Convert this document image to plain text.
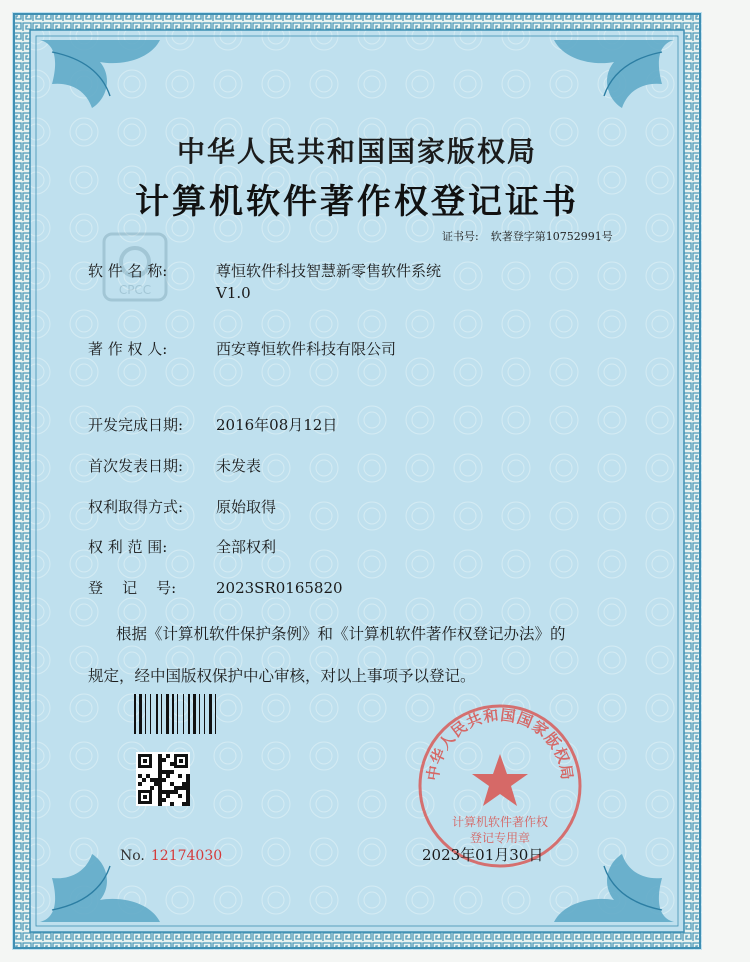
CPCC
中华人民共和国国家版权局
计算机软件著作权登记证书
证书号: 软著登字第10752991号
软 件 名 称:	尊恒软件科技智慧新零售软件系统
V1.0
著 作 权 人:	西安尊恒软件科技有限公司
开发完成日期:	2016年08月12日
首次发表日期:	未发表
权利取得方式:	原始取得
权 利 范 围:	全部权利
登    记    号:	2023SR0165820
根据《计算机软件保护条例》和《计算机软件著作权登记办法》的
规定，经中国版权保护中心审核，对以上事项予以登记。
No. 12174030
中华人民共和国国家版权局
计算机软件著作权
登记专用章
2023年01月30日
